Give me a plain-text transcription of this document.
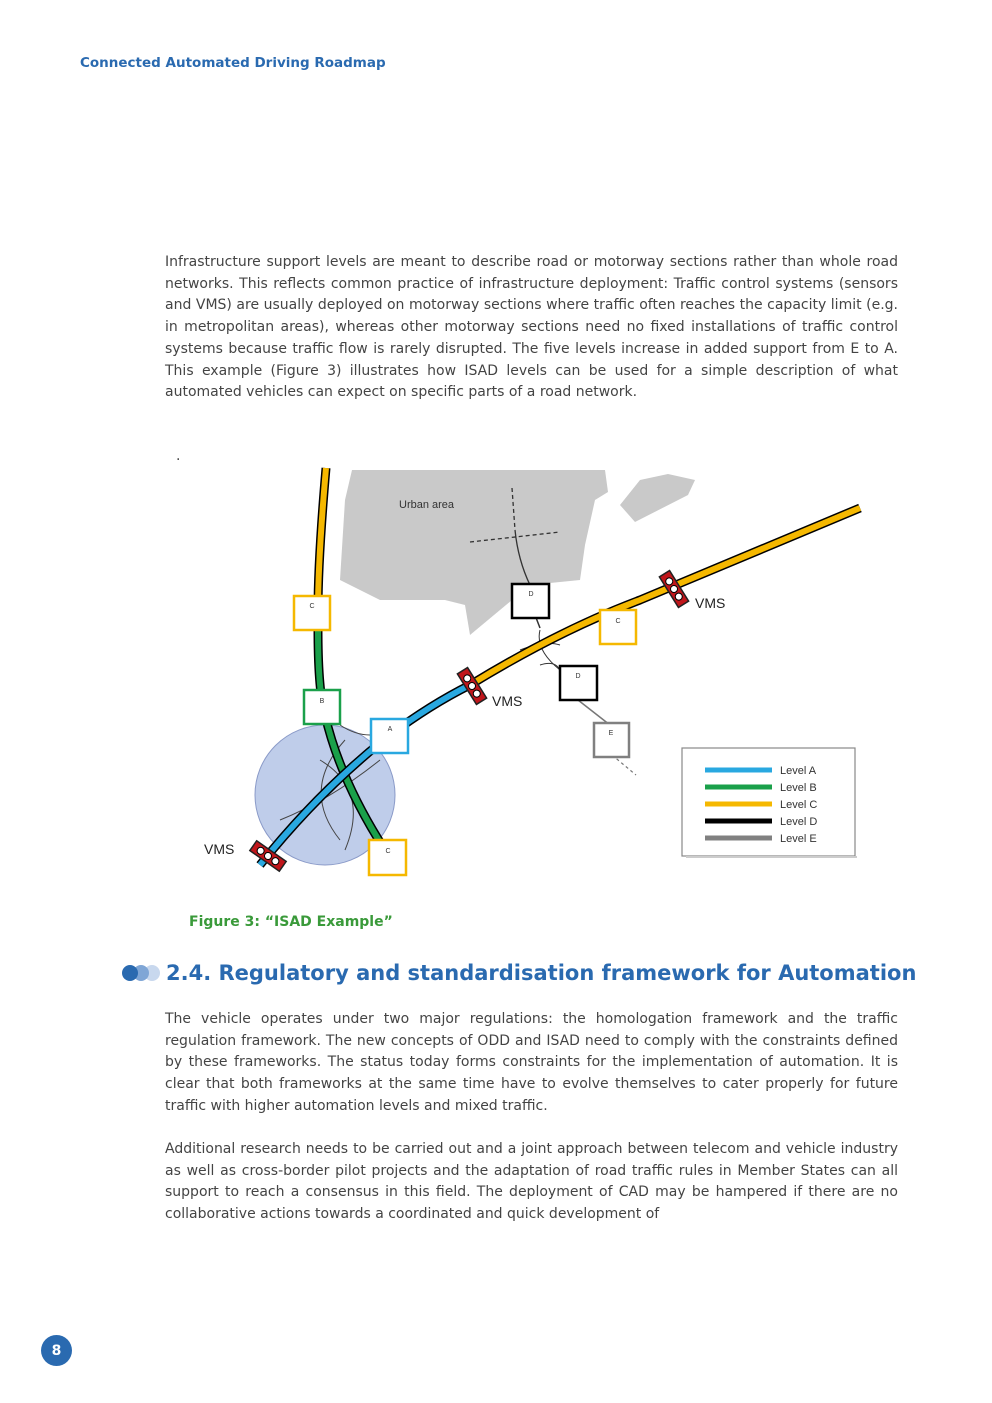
Connected Automated Driving Roadmap
Infrastructure support levels are meant to describe road or motorway sections rather than whole road networks. This reflects common practice of infrastructure deployment: Traffic control systems (sensors and VMS) are usually deployed on motorway sections where traffic often reaches the capacity limit (e.g. in metropolitan areas), whereas other motorway sections need no fixed installations of traffic control systems because traffic flow is rarely disrupted. The five levels increase in added support from E to A. This example (Figure 3) illustrates how ISAD levels can be used for a simple description of what automated vehicles can expect on specific parts of a road network.
.
Urban area
C
B
A
C
D
C
D
E
VMS
VMS
VMS
Level A
Level B
Level C
Level D
Level E
Figure 3: “ISAD Example”
2.4. Regulatory and standardisation framework for Automation
The vehicle operates under two major regulations: the homologation framework and the traffic regulation framework. The new concepts of ODD and ISAD need to comply with the constraints defined by these frameworks. The status today forms constraints for the implementation of automation. It is clear that both frameworks at the same time have to evolve themselves to cater properly for future traffic with higher automation levels and mixed traffic.
Additional research needs to be carried out and a joint approach between telecom and vehicle industry as well as cross-border pilot projects and the adaptation of road traffic rules in Member States can all support to reach a consensus in this field. The deployment of CAD may be hampered if there are no collaborative actions towards a coordinated and quick development of
8
